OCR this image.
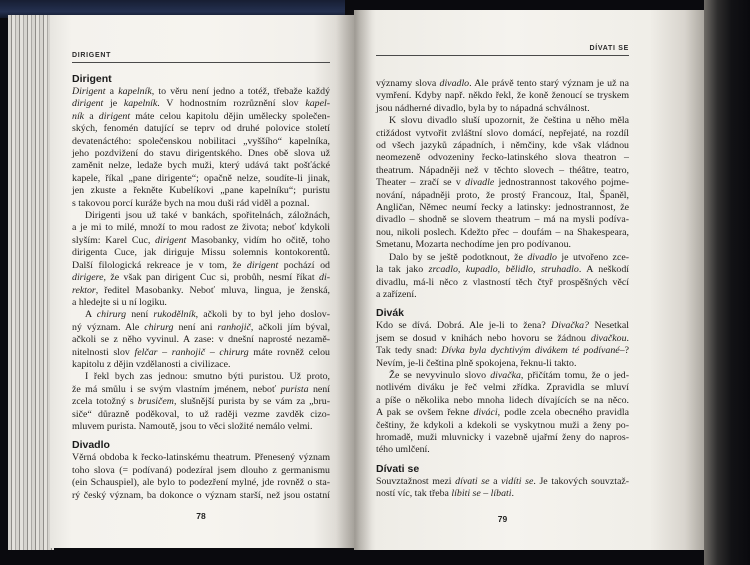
DIRIGENT
DÍVATI SE
Dirigent
Dirigent a kapelník, to věru není jedno a totéž, třebaže každý
dirigent je kapelník. V hodnostním rozrůznění slov kapel-
ník a dirigent máte celou kapitolu dějin umělecky společen-
ských, fenomén datující se teprv od druhé polovice století
devatenáctého: společenskou nobilitaci „vyššího“ kapelníka,
jeho pozdvižení do stavu dirigentského. Dnes obě slova už
zaměnit nelze, ledaže bych muži, který udává takt pošťácké
kapele, říkal „pane dirigente“; opačně nelze, soudíte-li jinak,
jen zkuste a řekněte Kubelíkovi „pane kapelníku“; puristu
s takovou porcí kuráže bych na mou duši rád viděl a poznal.
Dirigenti jsou už také v bankách, spořitelnách, záložnách,
a je mi to milé, množí to mou radost ze života; neboť kdykoli
slyším: Karel Cuc, dirigent Masobanky, vidím ho očitě, toho
dirigenta Cuce, jak diriguje Missu solemnis kontokorentů.
Další filologická rekreace je v tom, že dirigent pochází od
dirigere, že však pan dirigent Cuc si, probůh, nesmí říkat di-
rektor, ředitel Masobanky. Neboť mluva, lingua, je ženská,
a hledejte si u ní logiku.
A chirurg není rukodělník, ačkoli by to byl jeho doslov-
ný význam. Ale chirurg není ani ranhojič, ačkoli jím býval,
ačkoli se z něho vyvinul. A zase: v dnešní naprosté nezamě-
nitelnosti slov felčar – ranhojič – chirurg máte rovněž celou
kapitolu z dějin vzdělanosti a civilizace.
I řekl bych zas jednou: smutno býti puristou. Už proto,
že má smůlu i se svým vlastním jménem, neboť purista není
zcela totožný s brusičem, slušnější purista by se vám za „bru-
siče“ důrazně poděkoval, to už raději vezme zavděk cizo-
mluvem purista. Namoutě, jsou to věci složité nemálo velmi.
Divadlo
Věrná obdoba k řecko-latinskému theatrum. Přenesený význam
toho slova (= podívaná) podezíral jsem dlouho z germanismu
(ein Schauspiel), ale bylo to podezření mylné, jde rovněž o sta-
rý český význam, ba dokonce o význam starší, než jsou ostatní
významy slova divadlo. Ale právě tento starý význam je už na
vymření. Kdyby např. někdo řekl, že koně ženoucí se tryskem
jsou nádherné divadlo, byla by to nápadná schválnost.
K slovu divadlo sluší upozornit, že čeština u něho měla
ctižádost vytvořit zvláštní slovo domácí, nepřejaté, na rozdíl
od všech jazyků západních, i němčiny, kde však vládnou
neomezeně odvozeniny řecko-latinského slova theatron –
theatrum. Nápadněji než v těchto slovech – théâtre, teatro,
Theater – zračí se v divadle jednostrannost takového pojme-
nování, nápadněji proto, že prostý Francouz, Ital, Španěl,
Angličan, Němec neumí řecky a latinsky: jednostrannost, že
divadlo – shodně se slovem theatrum – má na mysli podíva-
nou, nikoli poslech. Kdežto přec – doufám – na Shakespeara,
Smetanu, Mozarta nechodíme jen pro podívanou.
Dalo by se ještě podotknout, že divadlo je utvořeno zce-
la tak jako zrcadlo, kupadlo, bělidlo, struhadlo. A neškodí
divadlu, má-li něco z vlastností těch čtyř prospěšných věcí
a zařízení.
Divák
Kdo se dívá. Dobrá. Ale je-li to žena? Divačka? Nesetkal
jsem se dosud v knihách nebo hovoru se žádnou divačkou.
Tak tedy snad: Dívka byla dychtivým divákem té podívané–?
Nevím, je-li čeština plně spokojena, řeknu-li takto.
Že se nevyvinulo slovo divačka, přičítám tomu, že o jed-
notlivém diváku je řeč velmi zřídka. Zpravidla se mluví
a píše o několika nebo mnoha lidech dívajících se na něco.
A pak se ovšem řekne diváci, podle zcela obecného pravidla
češtiny, že kdykoli a kdekoli se vyskytnou muži a ženy po-
hromadě, muži mluvnicky i vazebně ujařmí ženy do napros-
tého umlčení.
Dívati se
Souvztažnost mezi dívati se a vidíti se. Je takových souvztaž-
ností víc, tak třeba líbiti se – líbati.
78	79
